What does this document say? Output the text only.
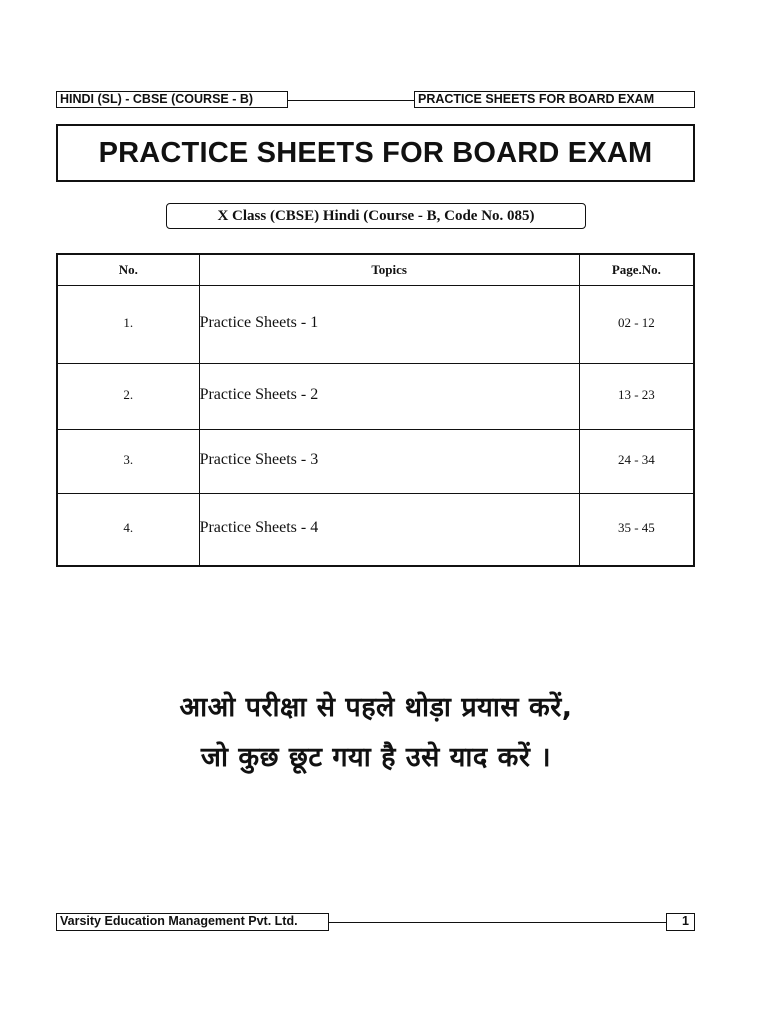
HINDI (SL) - CBSE (COURSE - B)	PRACTICE SHEETS FOR BOARD EXAM
PRACTICE SHEETS FOR BOARD EXAM
X Class (CBSE) Hindi (Course - B, Code No. 085)
No.	Topics	Page.No.
1.	Practice Sheets - 1	02 - 12
2.	Practice Sheets - 2	13 - 23
3.	Practice Sheets - 3	24 - 34
4.	Practice Sheets - 4	35 - 45
आओ परीक्षा से पहले थोड़ा प्रयास करें,
जो कुछ छूट गया है उसे याद करें ।
Varsity Education Management Pvt. Ltd.	1
